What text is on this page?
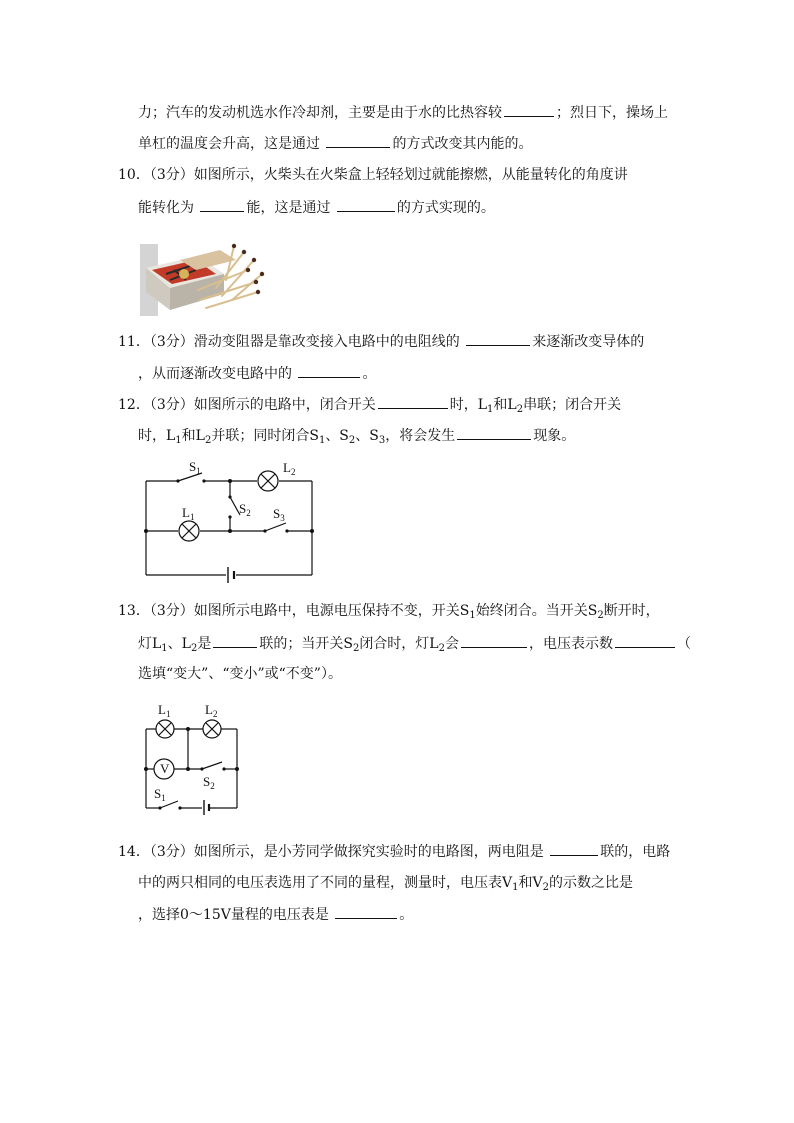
力；汽车的发动机选水作冷却剂，主要是由于水的比热容较	；烈日下，操场上
单杠的温度会升高，这是通过	的方式改变其内能的。
10．（3分）如图所示，火柴头在火柴盒上轻轻划过就能擦燃，从能量转化的角度讲
能转化为	能，这是通过	的方式实现的。
11．（3分）滑动变阻器是靠改变接入电路中的电阻线的	来逐渐改变导体的
，从而逐渐改变电路中的	。
12．（3分）如图所示的电路中，闭合开关	时，$L_1$和$L_2$串联；闭合开关
时，$L_1$和$L_2$并联；同时闭合$S_1$、$S_2$、$S_3$，将会发生	现象。
$S_1$	$L_2$
$L_1$
$S_2$ $S_3$
13．（3分）如图所示电路中，电源电压保持不变，开关$S_1$始终闭合。当开关$S_2$断开时，
灯$L_1$、$L_2$是	联的；当开关$S_2$闭合时，灯$L_2$会	，电压表示数	（
选填“变大”、“变小”或“不变”）。
V
$L_1$	$L_2$
$S_2$
$S_1$
14．（3分）如图所示，是小芳同学做探究实验时的电路图，两电阻是	联的，电路
中的两只相同的电压表选用了不同的量程，测量时，电压表$V_1$和$V_2$的示数之比是
，选择0～15V量程的电压表是	。
